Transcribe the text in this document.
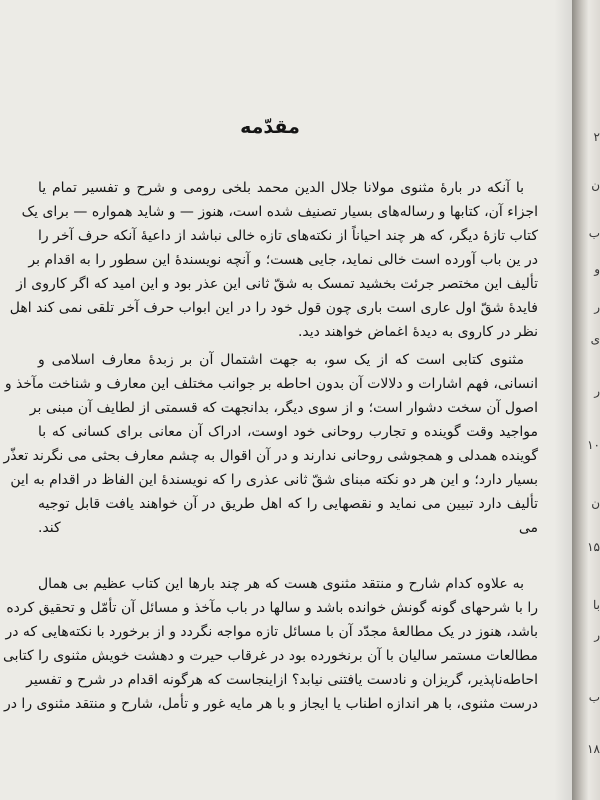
مقدّمه
با آنکه در بارهٔ مثنوی مولانا جلال الدین محمد بلخی رومی و شرح و تفسیر تمام یا
اجزاء آن، کتابها و رساله‌های بسیار تصنیف شده است، هنوز — و شاید همواره — برای یک
کتاب تازهٔ دیگر، که هر چند احیاناً از نکته‌های تازه خالی نباشد از داعیهٔ آنکه حرف آخر را
در ین باب آورده است خالی نماید، جایی هست؛ و آنچه نویسندهٔ این سطور را به اقدام بر
تألیف این مختصر جرئت بخشید تمسک به شقّ ثانی این عذر بود و این امید که اگر کاروی از
فایدهٔ شقّ اول عاری است باری چون قول خود را در این ابواب حرف آخر تلقی نمی کند اهل
نظر در کاروی به دیدهٔ اغماض خواهند دید.
مثنوی کتابی است که از یک سو، به جهت اشتمال آن بر زبدهٔ معارف اسلامی و
انسانی، فهم اشارات و دلالات آن بدون احاطه بر جوانب مختلف این معارف و شناخت مآخذ و
اصول آن سخت دشوار است؛ و از سوی دیگر، بدانجهت که قسمتی از لطایف آن مبنی بر
مواجید وقت گوینده و تجارب روحانی خود اوست، ادراک آن معانی برای کسانی که با
گوینده همدلی و همجوشی روحانی ندارند و در آن اقوال به چشم معارف بحثی می نگرند تعذّر
بسیار دارد؛ و این هر دو نکته مبنای شقّ ثانی عذری را که نویسندهٔ این الفاظ در اقدام به این
تألیف دارد تبیین می نماید و نقصهایی را که اهل طریق در آن خواهند یافت قابل توجیه
می کند.
به علاوه کدام شارح و منتقد مثنوی هست که هر چند بارها این کتاب عظیم بی همال
را با شرحهای گونه گونش خوانده باشد و سالها در باب مآخذ و مسائل آن تأمّل و تحقیق کرده
باشد، هنوز در یک مطالعهٔ مجدّد آن با مسائل تازه مواجه نگردد و از برخورد با نکته‌هایی که در
مطالعات مستمر سالیان با آن برنخورده بود در غرقاب حیرت و دهشت خویش مثنوی را کتابی
احاطه‌ناپذیر، گریزان و نادست یافتنی نیابد؟ ازاینجاست که هرگونه اقدام در شرح و تفسیر
درست مثنوی، با هر اندازه اطناب یا ایجاز و با هر مایه غور و تأمل، شارح و منتقد مثنوی را در
۲
ن
ب
و
ر
ی
ر
۱۰
ن
۱۵
با
ر
ب
۱۸
